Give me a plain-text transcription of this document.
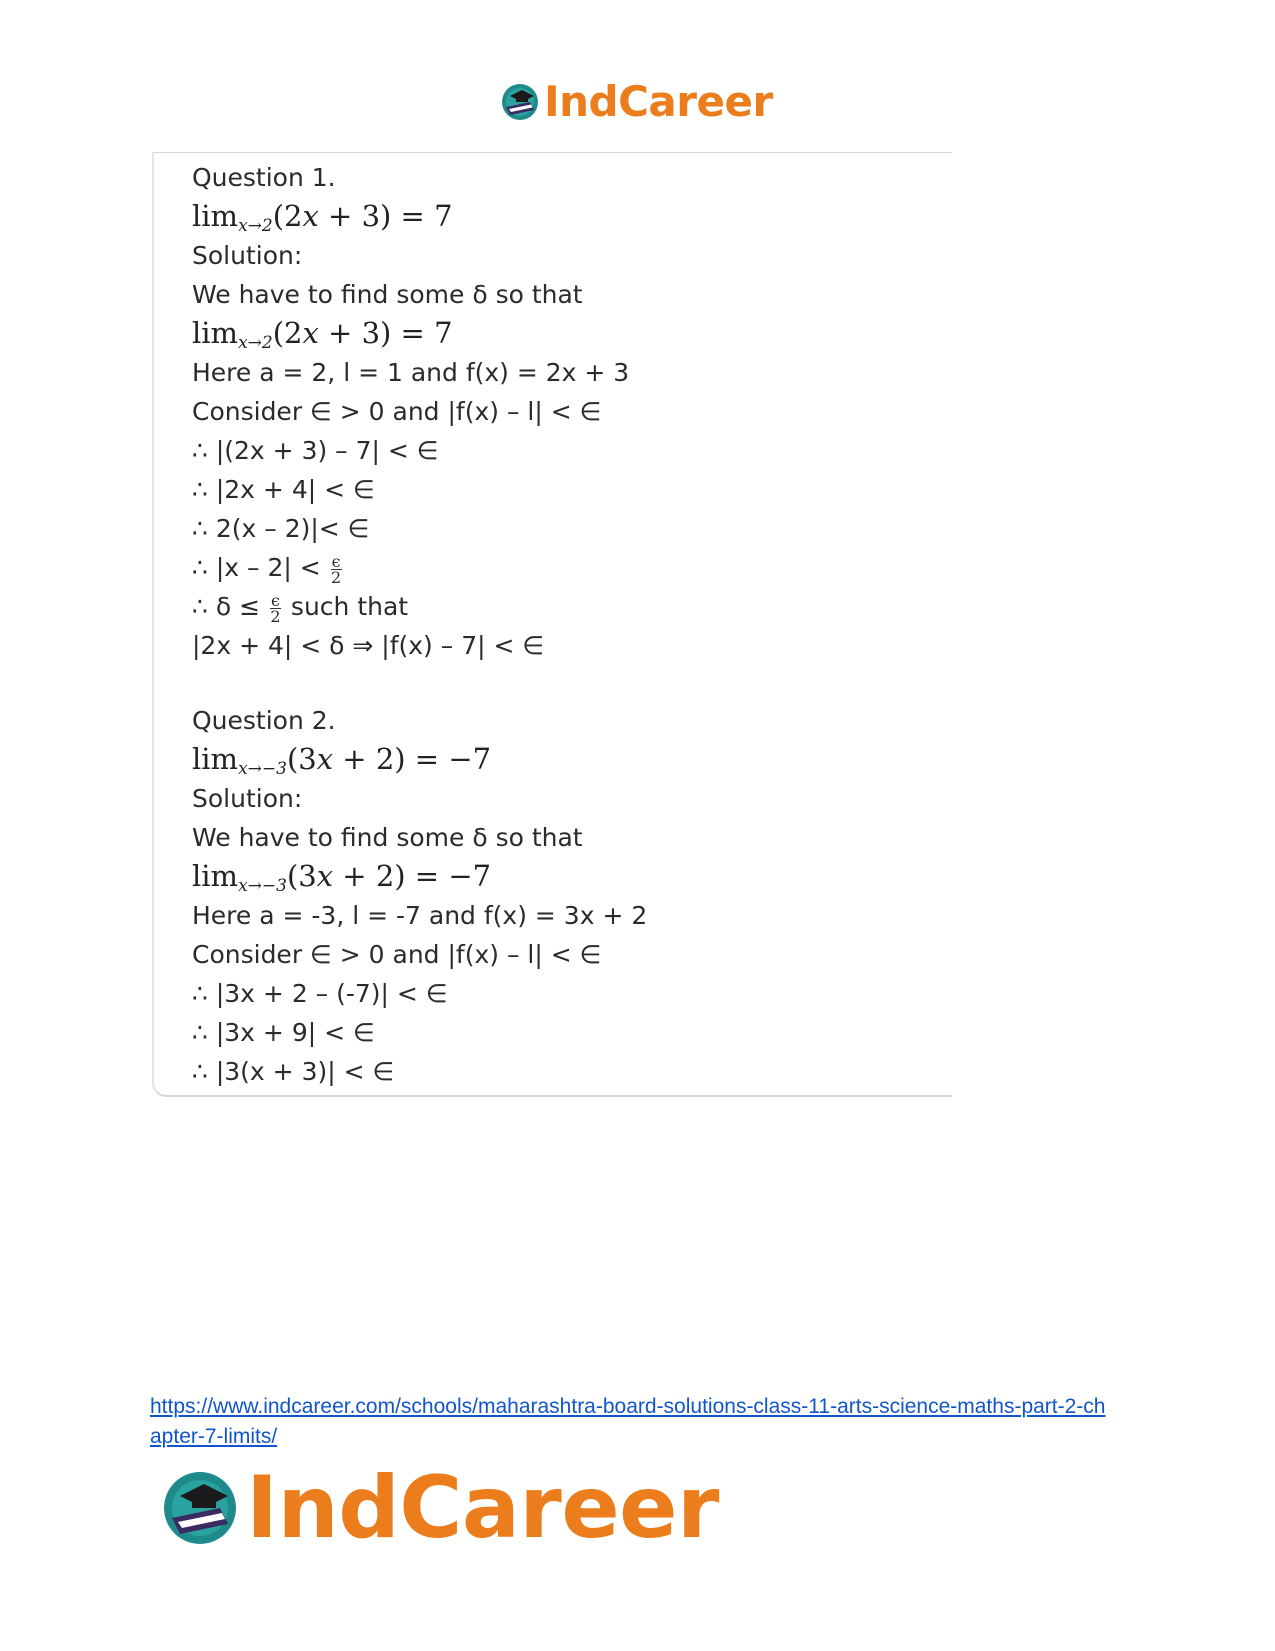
IndCareer
Question 1.
$\lim_{x\to 2}(2x + 3) = 7$
Solution:
We have to find some δ so that
$\lim_{x\to 2}(2x + 3) = 7$
Here a = 2, l = 1 and f(x) = 2x + 3
Consider ∈ > 0 and |f(x) – l| < ∈
∴ |(2x + 3) – 7| < ∈
∴ |2x + 4| < ∈
∴ 2(x – 2)|< ∈
∴ $|x - 2| < \frac{\epsilon}{2}$
∴ $\delta \le \frac{\epsilon}{2}$ such that
|2x + 4| < δ ⇒ |f(x) – 7| < ∈
Question 2.
$\lim_{x\to-3}(3x + 2) = -7$
Solution:
We have to find some δ so that
$\lim_{x\to-3}(3x + 2) = -7$
Here a = -3, l = -7 and f(x) = 3x + 2
Consider ∈ > 0 and |f(x) – l| < ∈
∴ |3x + 2 – (-7)| < ∈
∴ |3x + 9| < ∈
∴ |3(x + 3)| < ∈
https://www.indcareer.com/schools/maharashtra-board-solutions-class-11-arts-science-maths-part-2-chapter-7-limits/
IndCareer
